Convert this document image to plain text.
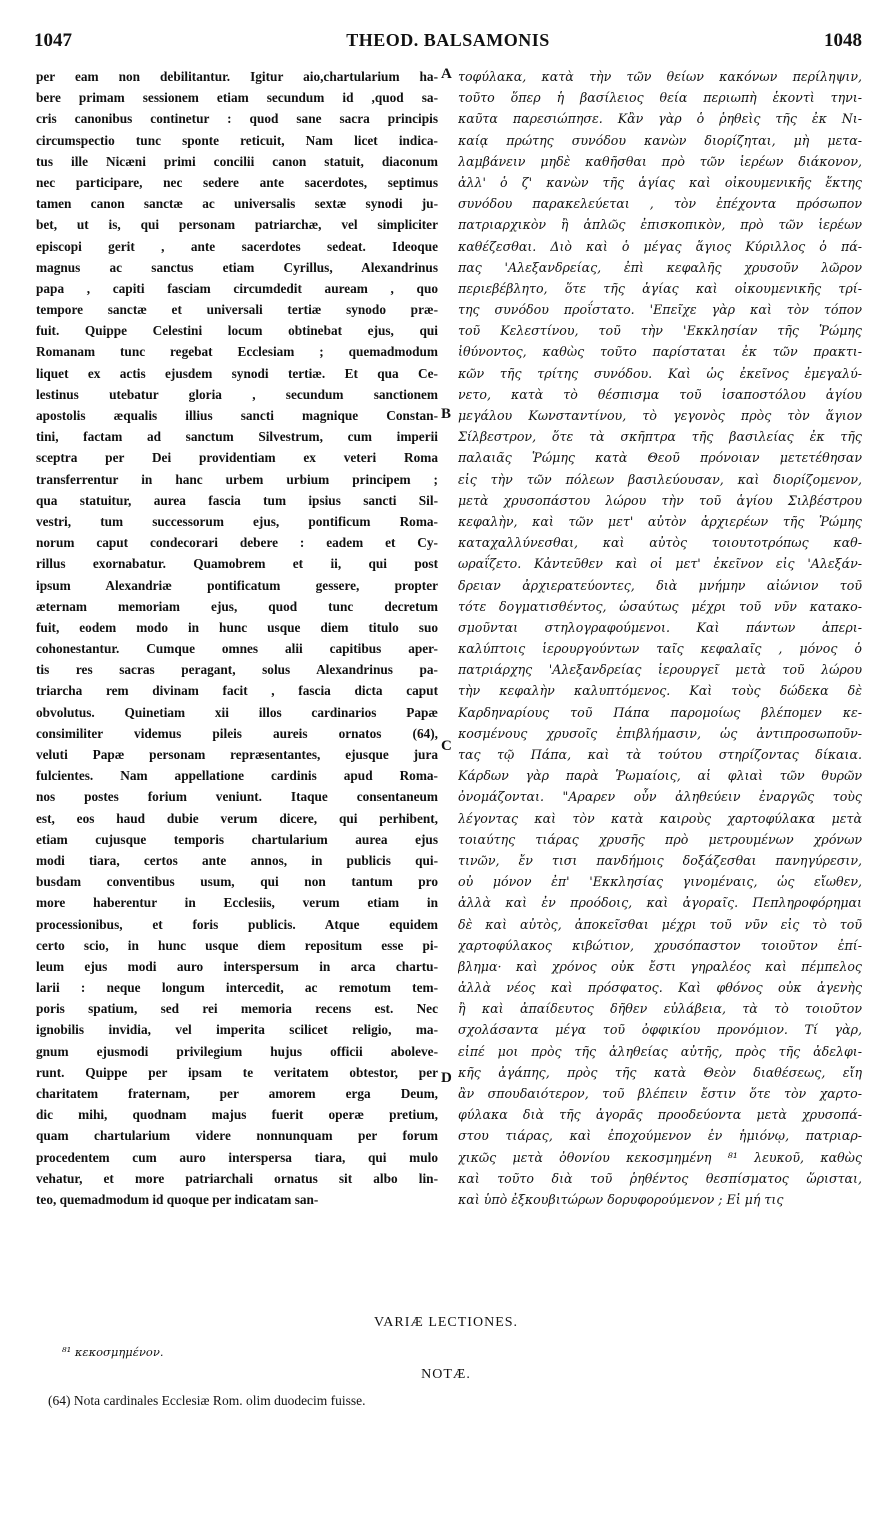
1047	THEOD. BALSAMONIS	1048
per eam non debilitantur. Igitur aio,chartularium ha-
bere primam sessionem etiam secundum id ,quod sa-
cris canonibus continetur : quod sane sacra principis
circumspectio tunc sponte reticuit, Nam licet indica-
tus ille Nicæni primi concilii canon statuit, diaconum
nec participare, nec sedere ante sacerdotes, septimus
tamen canon sanctæ ac universalis sextæ synodi ju-
bet, ut is, qui personam patriarchæ, vel simpliciter
episcopi gerit , ante sacerdotes sedeat. Ideoque
magnus ac sanctus etiam Cyrillus, Alexandrinus
papa , capiti fasciam circumdedit auream , quo
tempore sanctæ et universali tertiæ synodo præ-
fuit. Quippe Celestini locum obtinebat ejus, qui
Romanam tunc regebat Ecclesiam ; quemadmodum
liquet ex actis ejusdem synodi tertiæ. Et qua Ce-
lestinus utebatur gloria , secundum sanctionem
apostolis æqualis illius sancti magnique Constan-
tini, factam ad sanctum Silvestrum, cum imperii
sceptra per Dei providentiam ex veteri Roma
transferrentur in hanc urbem urbium principem ;
qua statuitur, aurea fascia tum ipsius sancti Sil-
vestri, tum successorum ejus, pontificum Roma-
norum caput condecorari debere : eadem et Cy-
rillus exornabatur. Quamobrem et ii, qui post
ipsum Alexandriæ pontificatum gessere, propter
æternam memoriam ejus, quod tunc decretum
fuit, eodem modo in hunc usque diem titulo suo
cohonestantur. Cumque omnes alii capitibus aper-
tis res sacras peragant, solus Alexandrinus pa-
triarcha rem divinam facit , fascia dicta caput
obvolutus. Quinetiam xii illos cardinarios Papæ
consimiliter videmus pileis aureis ornatos (64),
veluti Papæ personam repræsentantes, ejusque jura
fulcientes. Nam appellatione cardinis apud Roma-
nos postes forium veniunt. Itaque consentaneum
est, eos haud dubie verum dicere, qui perhibent,
etiam cujusque temporis chartularium aurea ejus
modi tiara, certos ante annos, in publicis qui-
busdam conventibus usum, qui non tantum pro
more haberentur in Ecclesiis, verum etiam in
processionibus, et foris publicis. Atque equidem
certo scio, in hunc usque diem repositum esse pi-
leum ejus modi auro interspersum in arca chartu-
larii : neque longum intercedit, ac remotum tem-
poris spatium, sed rei memoria recens est. Nec
ignobilis invidia, vel imperita scilicet religio, ma-
gnum ejusmodi privilegium hujus officii aboleve-
runt. Quippe per ipsam te veritatem obtestor, per
charitatem fraternam, per amorem erga Deum,
dic mihi, quodnam majus fuerit operæ pretium,
quam chartularium videre nonnunquam per forum
procedentem cum auro interspersa tiara, qui mulo
vehatur, et more patriarchali ornatus sit albo lin-
teo, quemadmodum id quoque per indicatam san-
τοφύλακα, κατὰ τὴν τῶν θείων κακόνων περίληψιν,
τοῦτο ὅπερ ἡ βασίλειος θεία περιωπὴ ἑκοντὶ τηνι-
καῦτα παρεσιώπησε. Κἂν γὰρ ὁ ῥηθεὶς τῆς ἐκ Νι-
καίᾳ πρώτης συνόδου κανὼν διορίζηται, μὴ μετα-
λαμβάνειν μηδὲ καθῆσθαι πρὸ τῶν ἱερέων διάκονον,
ἀλλ' ὁ ζ' κανὼν τῆς ἁγίας καὶ οἰκουμενικῆς ἕκτης
συνόδου παρακελεύεται , τὸν ἐπέχοντα πρόσωπον
πατριαρχικὸν ἢ ἁπλῶς ἐπισκοπικὸν, πρὸ τῶν ἱερέων
καθέζεσθαι. Διὸ καὶ ὁ μέγας ἅγιος Κύριλλος ὁ πά-
πας 'Αλεξανδρείας, ἐπὶ κεφαλῆς χρυσοῦν λῶρον
περιεβέβλητο, ὅτε τῆς ἁγίας καὶ οἰκουμενικῆς τρί-
της συνόδου προΐστατο. 'Επεῖχε γὰρ καὶ τὸν τόπον
τοῦ Κελεστίνου, τοῦ τὴν 'Εκκλησίαν τῆς Ῥώμης
ἰθύνοντος, καθὼς τοῦτο παρίσταται ἐκ τῶν πρακτι-
κῶν τῆς τρίτης συνόδου. Καὶ ὡς ἐκεῖνος ἐμεγαλύ-
νετο, κατὰ τὸ θέσπισμα τοῦ ἰσαποστόλου ἁγίου
μεγάλου Κωνσταντίνου, τὸ γεγονὸς πρὸς τὸν ἅγιον
Σίλβεστρον, ὅτε τὰ σκῆπτρα τῆς βασιλείας ἐκ τῆς
παλαιᾶς Ῥώμης κατὰ Θεοῦ πρόνοιαν μετετέθησαν
εἰς τὴν τῶν πόλεων βασιλεύουσαν, καὶ διορίζομενον,
μετὰ χρυσοπάστου λώρου τὴν τοῦ ἁγίου Σιλβέστρου
κεφαλὴν, καὶ τῶν μετ' αὐτὸν ἀρχιερέων τῆς Ῥώμης
καταχαλλύνεσθαι, καὶ αὐτὸς τοιουτοτρόπως καθ-
ωραΐζετο. Κἀντεῦθεν καὶ οἱ μετ' ἐκεῖνον εἰς 'Αλεξάν-
δρειαν ἀρχιερατεύοντες, διὰ μνήμην αἰώνιον τοῦ
τότε δογματισθέντος, ὡσαύτως μέχρι τοῦ νῦν κατακο-
σμοῦνται στηλογραφούμενοι. Καὶ πάντων ἀπερι-
καλύπτοις ἱερουργούντων ταῖς κεφαλαῖς , μόνος ὁ
πατριάρχης 'Αλεξανδρείας ἱερουργεῖ μετὰ τοῦ λώρου
τὴν κεφαλὴν καλυπτόμενος. Καὶ τοὺς δώδεκα δὲ
Καρδηναρίους τοῦ Πάπα παρομοίως βλέπομεν κε-
κοσμένους χρυσοῖς ἐπιβλήμασιν, ὡς ἀντιπροσωποῦν-
τας τῷ Πάπα, καὶ τὰ τούτου στηρίζοντας δίκαια.
Κάρδων γὰρ παρὰ Ῥωμαίοις, αἱ φλιαὶ τῶν θυρῶν
ὀνομάζονται. "Αραρεν οὖν ἀληθεύειν ἐναργῶς τοὺς
λέγοντας καὶ τὸν κατὰ καιροὺς χαρτοφύλακα μετὰ
τοιαύτης τιάρας χρυσῆς πρὸ μετρουμένων χρόνων
τινῶν, ἔν τισι πανδήμοις δοξάζεσθαι πανηγύρεσιν,
οὐ μόνον ἐπ' 'Εκκλησίας γινομέναις, ὡς εἴωθεν,
ἀλλὰ καὶ ἐν προόδοις, καὶ ἀγοραῖς. Πεπληροφόρημαι
δὲ καὶ αὐτὸς, ἀποκεῖσθαι μέχρι τοῦ νῦν εἰς τὸ τοῦ
χαρτοφύλακος κιβώτιον, χρυσόπαστον τοιοῦτον ἐπί-
βλημα· καὶ χρόνος οὐκ ἔστι γηραλέος καὶ πέμπελος
ἀλλὰ νέος καὶ πρόσφατος. Καὶ φθόνος οὐκ ἀγενὴς
ἢ καὶ ἀπαίδευτος δῆθεν εὐλάβεια, τὰ τὸ τοιοῦτον
σχολάσαντα μέγα τοῦ ὀφφικίου προνόμιον. Τί γὰρ,
εἰπέ μοι πρὸς τῆς ἀληθείας αὐτῆς, πρὸς τῆς ἀδελφι-
κῆς ἀγάπης, πρὸς τῆς κατὰ Θεὸν διαθέσεως, εἴη
ἂν σπουδαιότερον, τοῦ βλέπειν ἔστιν ὅτε τὸν χαρτο-
φύλακα διὰ τῆς ἀγορᾶς προοδεύοντα μετὰ χρυσοπά-
στου τιάρας, καὶ ἐποχούμενον ἐν ἡμιόνῳ, πατριαρ-
χικῶς μετὰ ὀθονίου κεκοσμημένη ⁸¹ λευκοῦ, καθὼς
καὶ τοῦτο διὰ τοῦ ῥηθέντος θεσπίσματος ὥρισται,
καὶ ὑπὸ ἐξκουβιτώρων δορυφορούμενον ; Εἰ μή τις
A
B
C
D
VARIÆ LECTIONES.
⁸¹ κεκοσμημένον.
NOTÆ.
(64) Nota cardinales Ecclesiæ Rom. olim duodecim fuisse.
